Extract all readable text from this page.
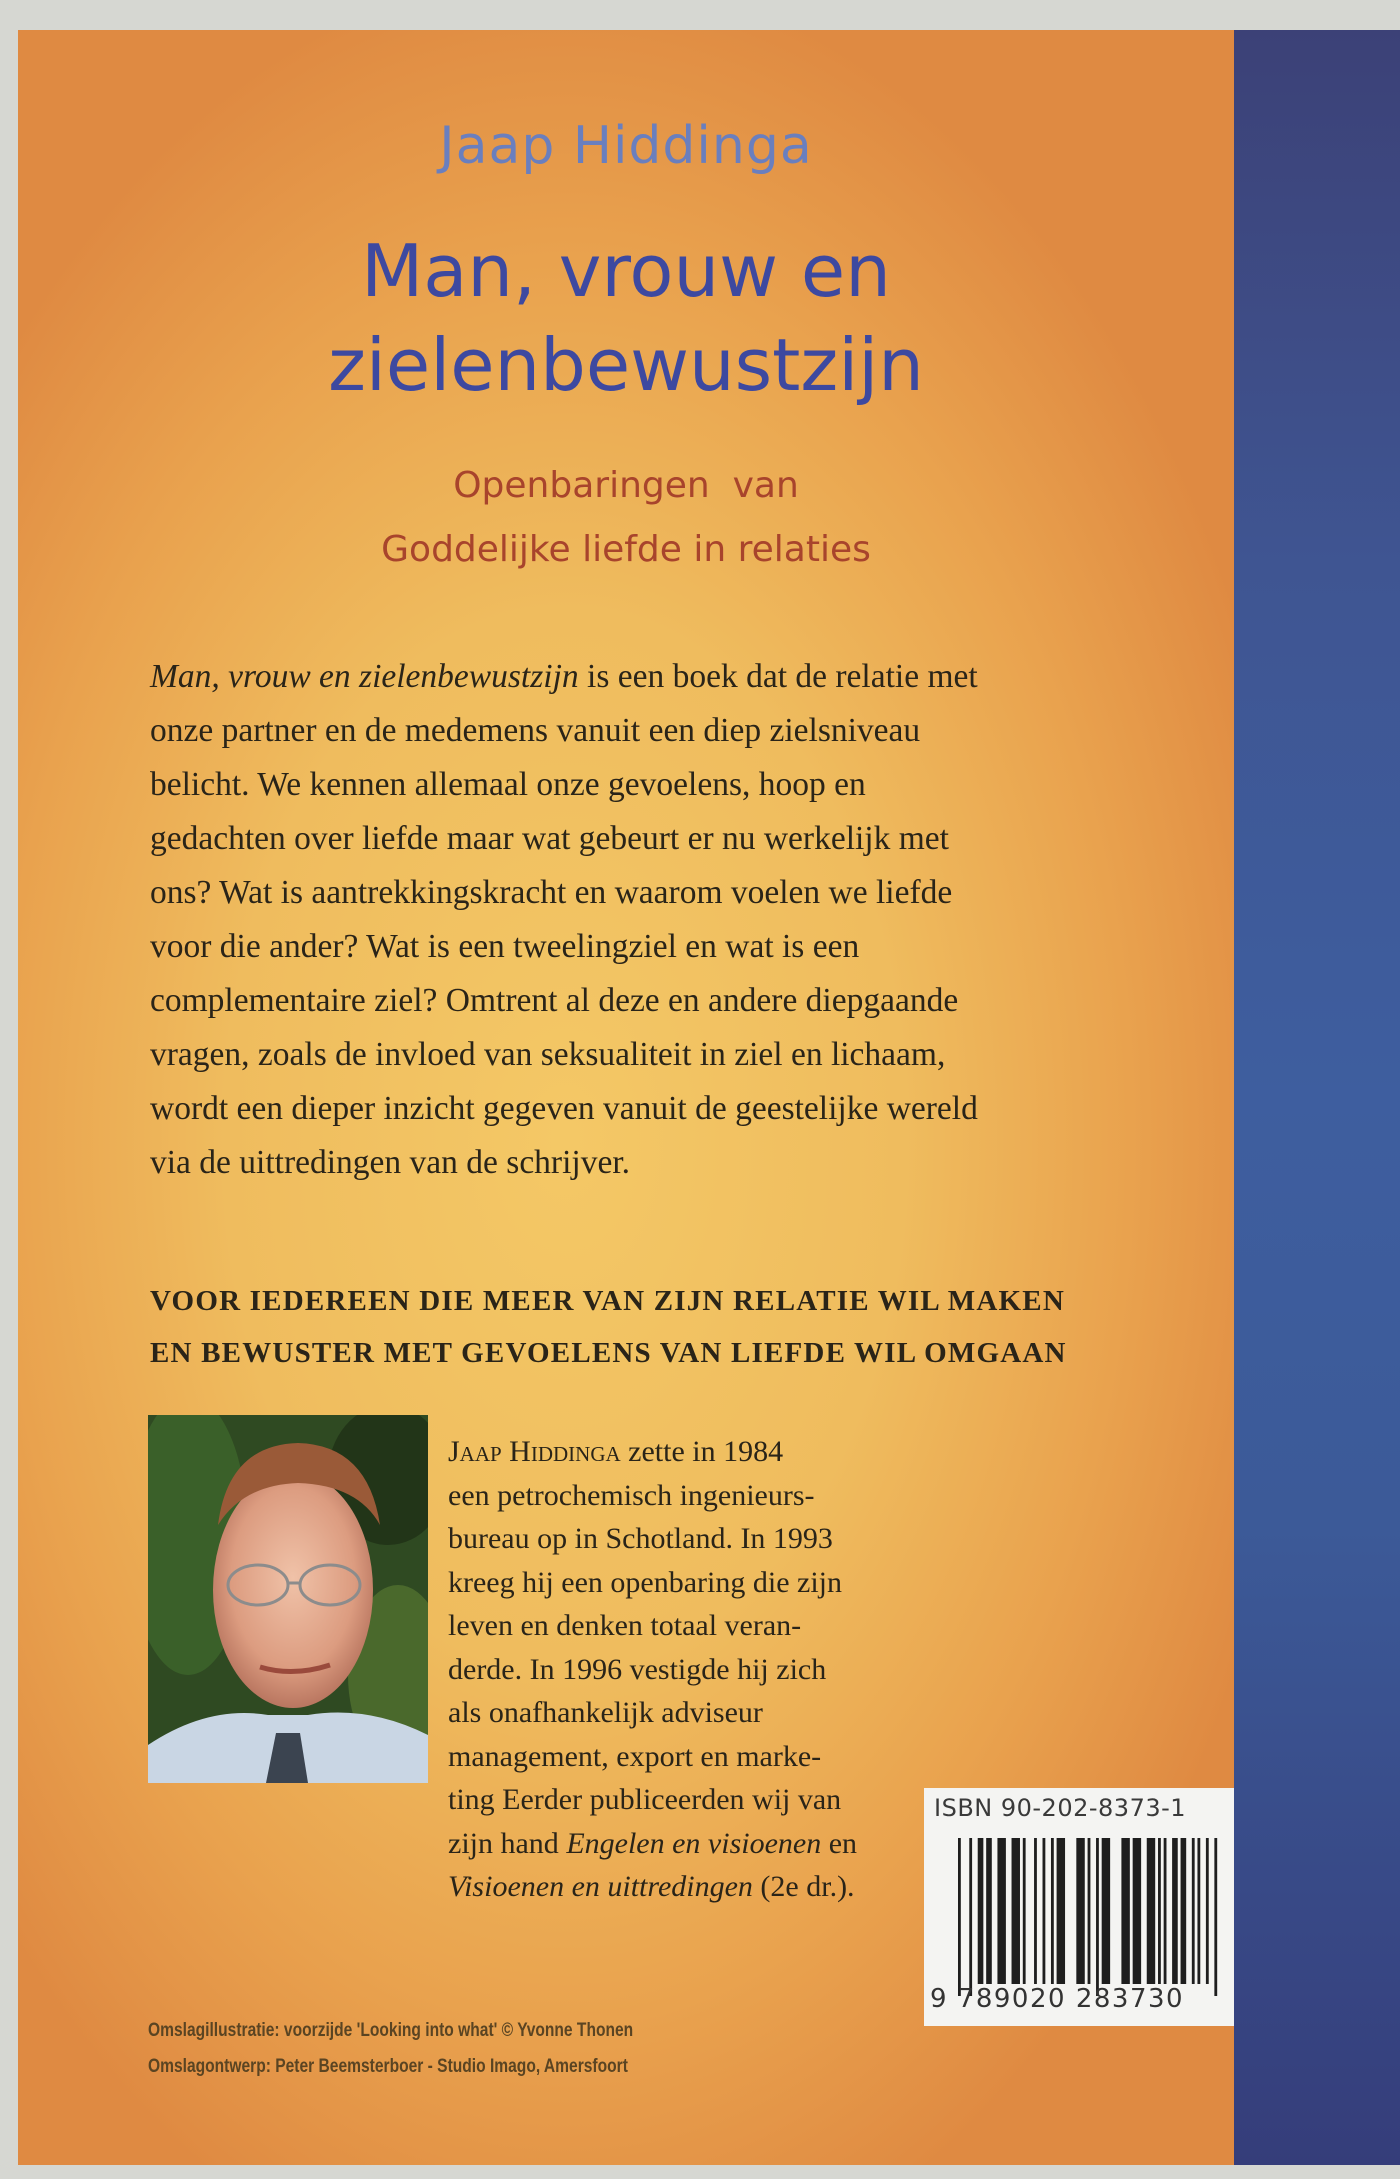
Jaap Hiddinga
Man, vrouw en
zielenbewustzijn
Openbaringen  van
Goddelijke liefde in relaties

Man, vrouw en zielenbewustzijn is een boek dat de relatie met

onze partner en de medemens vanuit een diep zielsniveau

belicht. We kennen allemaal onze gevoelens, hoop en

gedachten over liefde maar wat gebeurt er nu werkelijk met

ons? Wat is aantrekkingskracht en waarom voelen we liefde

voor die ander? Wat is een tweelingziel en wat is een

complementaire ziel? Omtrent al deze en andere diepgaande

vragen, zoals de invloed van seksualiteit in ziel en lichaam,

wordt een dieper inzicht gegeven vanuit de geestelijke wereld

via de uittredingen van de schrijver.

VOOR IEDEREEN DIE MEER VAN ZIJN RELATIE WIL MAKEN

EN BEWUSTER MET GEVOELENS VAN LIEFDE WIL OMGAAN

Jaap Hiddinga zette in 1984

een petrochemisch ingenieurs-

bureau op in Schotland. In 1993

kreeg hij een openbaring die zijn

leven en denken totaal veran-

derde. In 1996 vestigde hij zich

als onafhankelijk adviseur

management, export en marke-

ting Eerder publiceerden wij van

zijn hand Engelen en visioenen en

Visioenen en uittredingen (2e dr.).

Omslagillustratie: voorzijde 'Looking into what' © Yvonne Thonen

Omslagontwerp: Peter Beemsterboer - Studio Imago, Amersfoort

ISBN 90-202-8373-1
9 789020 283730
